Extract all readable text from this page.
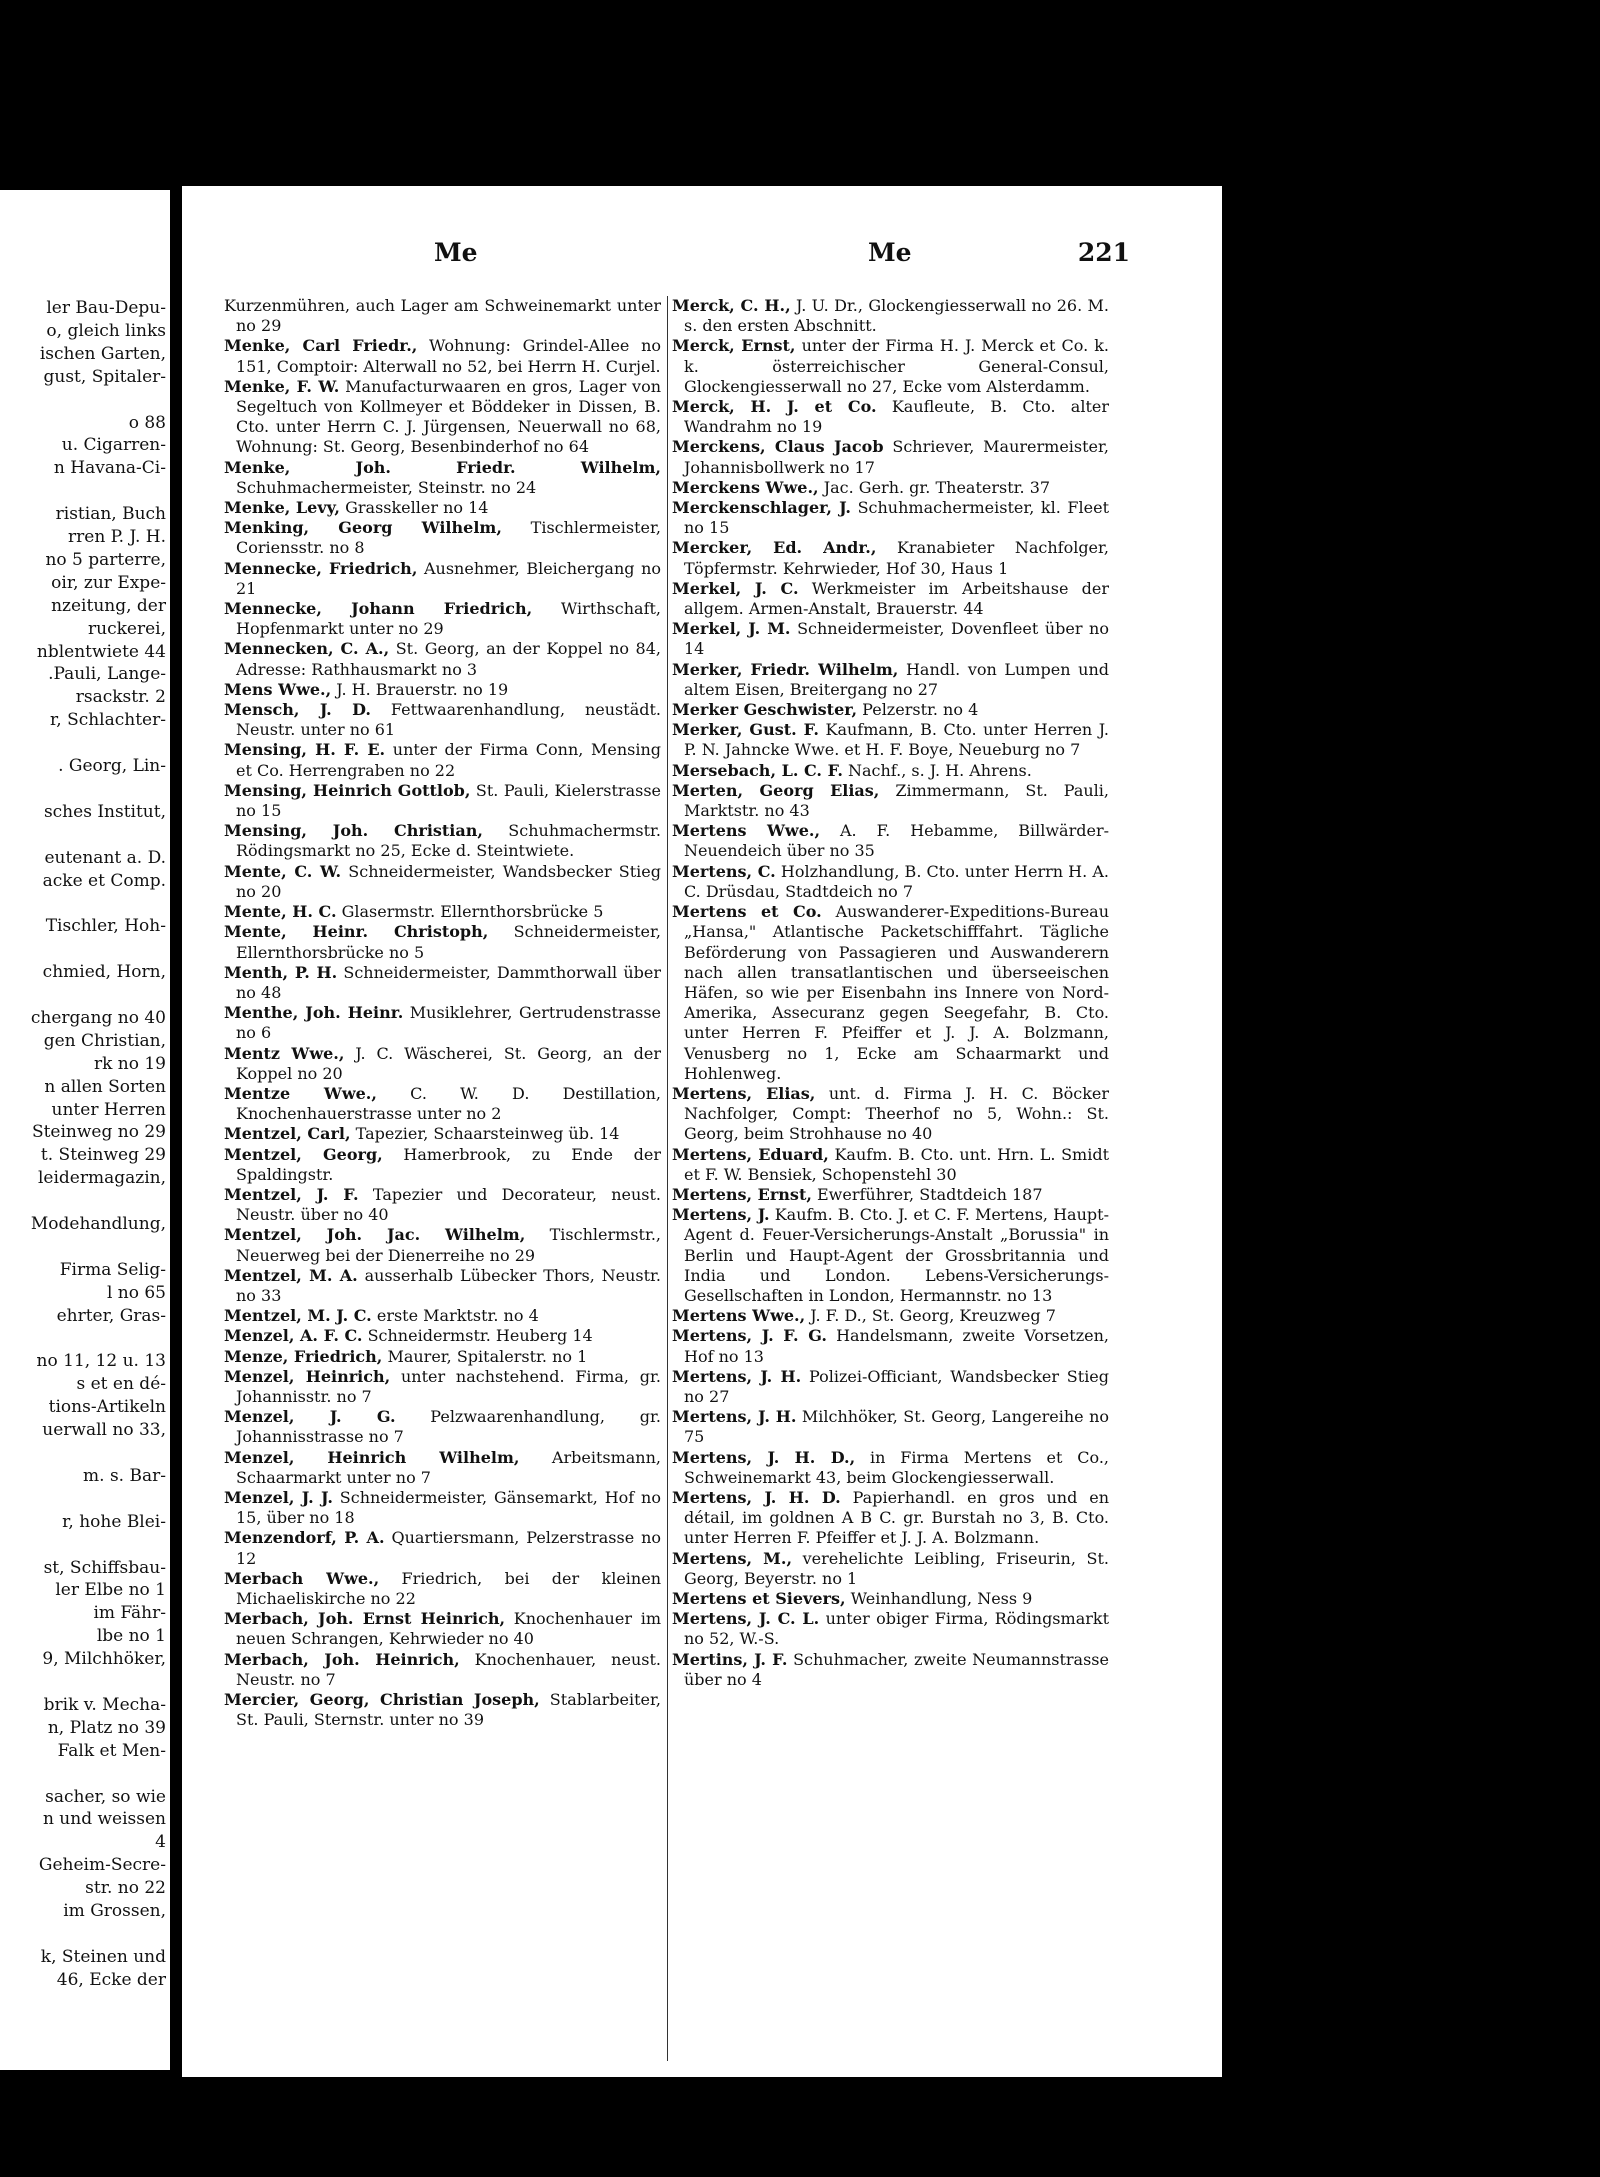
ler Bau-Depu-
o, gleich links
ischen Garten,
gust, Spitaler-
o 88
u. Cigarren-
n Havana-Ci-
ristian, Buch
rren P. J. H.
no 5 parterre,
oir, zur Expe-
nzeitung, der
ruckerei,
nblentwiete 44
.Pauli, Lange-
rsackstr. 2
r, Schlachter-
. Georg, Lin-
sches Institut,
eutenant a. D.
acke et Comp.
Tischler, Hoh-
chmied, Horn,
chergang no 40
gen Christian,
rk no 19
n allen Sorten
unter Herren
Steinweg no 29
t. Steinweg 29
leidermagazin,
Modehandlung,
Firma Selig-
l no 65
ehrter, Gras-
no 11, 12 u. 13
s et en dé-
tions-Artikeln
uerwall no 33,
m. s. Bar-
r, hohe Blei-
st, Schiffsbau-
ler Elbe no 1
im Fähr-
lbe no 1
9, Milchhöker,
brik v. Mecha-
n, Platz no 39
Falk et Men-
sacher, so wie
n und weissen
4
Geheim-Secre-
str. no 22
im Grossen,
k, Steinen und
46, Ecke der
Me	Me	221

Kurzenmühren, auch Lager am Schweinemarkt unter no 29

Menke, Carl Friedr., Wohnung: Grindel-Allee no 151, Comptoir: Alterwall no 52, bei Herrn H. Curjel.

Menke, F. W. Manufacturwaaren en gros, Lager von Segeltuch von Kollmeyer et Böddeker in Dissen, B. Cto. unter Herrn C. J. Jürgensen, Neuerwall no 68, Wohnung: St. Georg, Besenbinderhof no 64

Menke, Joh. Friedr. Wilhelm, Schuhmachermeister, Steinstr. no 24

Menke, Levy, Grasskeller no 14

Menking, Georg Wilhelm, Tischlermeister, Coriensstr. no 8

Mennecke, Friedrich, Ausnehmer, Bleichergang no 21

Mennecke, Johann Friedrich, Wirthschaft, Hopfenmarkt unter no 29

Mennecken, C. A., St. Georg, an der Koppel no 84, Adresse: Rathhausmarkt no 3

Mens Wwe., J. H. Brauerstr. no 19

Mensch, J. D. Fettwaarenhandlung, neustädt. Neustr. unter no 61

Mensing, H. F. E. unter der Firma Conn, Mensing et Co. Herrengraben no 22

Mensing, Heinrich Gottlob, St. Pauli, Kielerstrasse no 15

Mensing, Joh. Christian, Schuhmachermstr. Rödingsmarkt no 25, Ecke d. Steintwiete.

Mente, C. W. Schneidermeister, Wandsbecker Stieg no 20

Mente, H. C. Glasermstr. Ellernthorsbrücke 5

Mente, Heinr. Christoph, Schneidermeister, Ellernthorsbrücke no 5

Menth, P. H. Schneidermeister, Dammthorwall über no 48

Menthe, Joh. Heinr. Musiklehrer, Gertrudenstrasse no 6

Mentz Wwe., J. C. Wäscherei, St. Georg, an der Koppel no 20

Mentze Wwe., C. W. D. Destillation, Knochenhauerstrasse unter no 2

Mentzel, Carl, Tapezier, Schaarsteinweg üb. 14

Mentzel, Georg, Hamerbrook, zu Ende der Spaldingstr.

Mentzel, J. F. Tapezier und Decorateur, neust. Neustr. über no 40

Mentzel, Joh. Jac. Wilhelm, Tischlermstr., Neuerweg bei der Dienerreihe no 29

Mentzel, M. A. ausserhalb Lübecker Thors, Neustr. no 33

Mentzel, M. J. C. erste Marktstr. no 4

Menzel, A. F. C. Schneidermstr. Heuberg 14

Menze, Friedrich, Maurer, Spitalerstr. no 1

Menzel, Heinrich, unter nachstehend. Firma, gr. Johannisstr. no 7

Menzel, J. G. Pelzwaarenhandlung, gr. Johannisstrasse no 7

Menzel, Heinrich Wilhelm, Arbeitsmann, Schaarmarkt unter no 7

Menzel, J. J. Schneidermeister, Gänsemarkt, Hof no 15, über no 18

Menzendorf, P. A. Quartiersmann, Pelzerstrasse no 12

Merbach Wwe., Friedrich, bei der kleinen Michaeliskirche no 22

Merbach, Joh. Ernst Heinrich, Knochenhauer im neuen Schrangen, Kehrwieder no 40

Merbach, Joh. Heinrich, Knochenhauer, neust. Neustr. no 7

Mercier, Georg, Christian Joseph, Stablarbeiter, St. Pauli, Sternstr. unter no 39

Merck, C. H., J. U. Dr., Glockengiesserwall no 26. M. s. den ersten Abschnitt.

Merck, Ernst, unter der Firma H. J. Merck et Co. k. k. österreichischer General-Consul, Glockengiesserwall no 27, Ecke vom Alsterdamm.

Merck, H. J. et Co. Kaufleute, B. Cto. alter Wandrahm no 19

Merckens, Claus Jacob Schriever, Maurermeister, Johannisbollwerk no 17

Merckens Wwe., Jac. Gerh. gr. Theaterstr. 37

Merckenschlager, J. Schuhmachermeister, kl. Fleet no 15

Mercker, Ed. Andr., Kranabieter Nachfolger, Töpfermstr. Kehrwieder, Hof 30, Haus 1

Merkel, J. C. Werkmeister im Arbeitshause der allgem. Armen-Anstalt, Brauerstr. 44

Merkel, J. M. Schneidermeister, Dovenfleet über no 14

Merker, Friedr. Wilhelm, Handl. von Lumpen und altem Eisen, Breitergang no 27

Merker Geschwister, Pelzerstr. no 4

Merker, Gust. F. Kaufmann, B. Cto. unter Herren J. P. N. Jahncke Wwe. et H. F. Boye, Neueburg no 7

Mersebach, L. C. F. Nachf., s. J. H. Ahrens.

Merten, Georg Elias, Zimmermann, St. Pauli, Marktstr. no 43

Mertens Wwe., A. F. Hebamme, Billwärder-Neuendeich über no 35

Mertens, C. Holzhandlung, B. Cto. unter Herrn H. A. C. Drüsdau, Stadtdeich no 7

Mertens et Co. Auswanderer-Expeditions-Bureau „Hansa," Atlantische Packetschifffahrt. Tägliche Beförderung von Passagieren und Auswanderern nach allen transatlantischen und überseeischen Häfen, so wie per Eisenbahn ins Innere von Nord-Amerika, Assecuranz gegen Seegefahr, B. Cto. unter Herren F. Pfeiffer et J. J. A. Bolzmann, Venusberg no 1, Ecke am Schaarmarkt und Hohlenweg.

Mertens, Elias, unt. d. Firma J. H. C. Böcker Nachfolger, Compt: Theerhof no 5, Wohn.: St. Georg, beim Strohhause no 40

Mertens, Eduard, Kaufm. B. Cto. unt. Hrn. L. Smidt et F. W. Bensiek, Schopenstehl 30

Mertens, Ernst, Ewerführer, Stadtdeich 187

Mertens, J. Kaufm. B. Cto. J. et C. F. Mertens, Haupt-Agent d. Feuer-Versicherungs-Anstalt „Borussia" in Berlin und Haupt-Agent der Grossbritannia und India und London. Lebens-Versicherungs-Gesellschaften in London, Hermannstr. no 13

Mertens Wwe., J. F. D., St. Georg, Kreuzweg 7

Mertens, J. F. G. Handelsmann, zweite Vorsetzen, Hof no 13

Mertens, J. H. Polizei-Officiant, Wandsbecker Stieg no 27

Mertens, J. H. Milchhöker, St. Georg, Langereihe no 75

Mertens, J. H. D., in Firma Mertens et Co., Schweinemarkt 43, beim Glockengiesserwall.

Mertens, J. H. D. Papierhandl. en gros und en détail, im goldnen A B C. gr. Burstah no 3, B. Cto. unter Herren F. Pfeiffer et J. J. A. Bolzmann.

Mertens, M., verehelichte Leibling, Friseurin, St. Georg, Beyerstr. no 1

Mertens et Sievers, Weinhandlung, Ness 9

Mertens, J. C. L. unter obiger Firma, Rödingsmarkt no 52, W.-S.

Mertins, J. F. Schuhmacher, zweite Neumannstrasse über no 4
